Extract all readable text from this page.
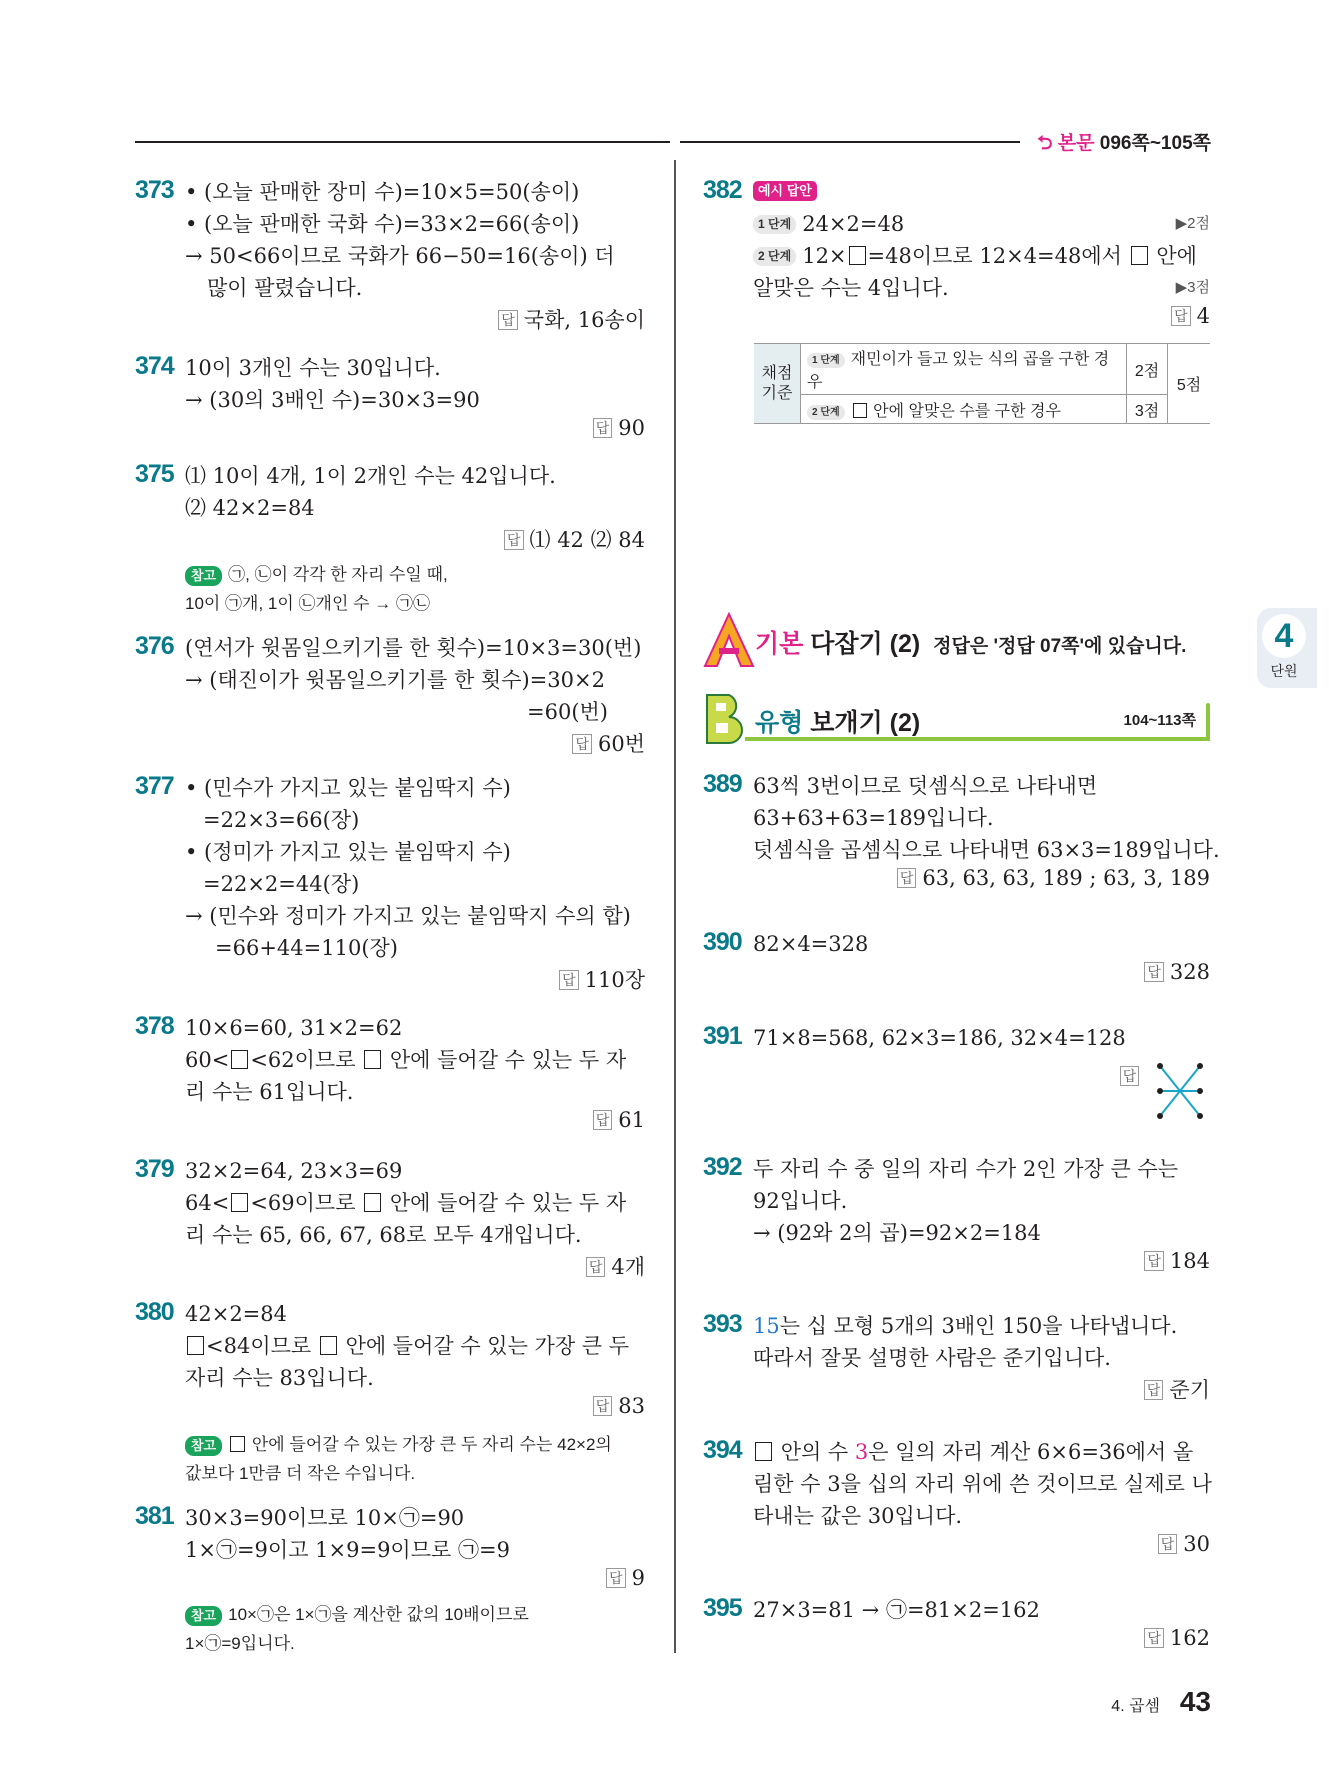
⮌ 본문 096쪽~105쪽
373 • (오늘 판매한 장미 수)=10×5=50(송이)
• (오늘 판매한 국화 수)=33×2=66(송이)
→ 50<66이므로 국화가 66−50=16(송이) 더
많이 팔렸습니다.
답 국화, 16송이
374 10이 3개인 수는 30입니다.
→ (30의 3배인 수)=30×3=90
답 90
375 ⑴ 10이 4개, 1이 2개인 수는 42입니다.
⑵ 42×2=84
답 ⑴ 42 ⑵ 84
참고 ㉠, ㉡이 각각 한 자리 수일 때,
10이 ㉠개, 1이 ㉡개인 수 → ㉠㉡
376 (연서가 윗몸일으키기를 한 횟수)=10×3=30(번)
→ (태진이가 윗몸일으키기를 한 횟수)=30×2
=60(번)
답 60번
377 • (민수가 가지고 있는 붙임딱지 수)
=22×3=66(장)
• (정미가 가지고 있는 붙임딱지 수)
=22×2=44(장)
→ (민수와 정미가 가지고 있는 붙임딱지 수의 합)
=66+44=110(장)
답 110장
378 10×6=60, 31×2=62
60< <62이므로 안에 들어갈 수 있는 두 자
리 수는 61입니다.
답 61
379 32×2=64, 23×3=69
64< <69이므로 안에 들어갈 수 있는 두 자
리 수는 65, 66, 67, 68로 모두 4개입니다.
답 4개
380 42×2=84
<84이므로 안에 들어갈 수 있는 가장 큰 두
자리 수는 83입니다.
답 83
참고 안에 들어갈 수 있는 가장 큰 두 자리 수는 42×2의
값보다 1만큼 더 작은 수입니다.
381 30×3=90이므로 10×㉠=90
1×㉠=9이고 1×9=9이므로 ㉠=9
답 9
참고 10×㉠은 1×㉠을 계산한 값의 10배이므로
1×㉠=9입니다.
382	예시 답안
1 단계 24×2=48	▶2점
2 단계 12× =48이므로 12×4=48에서 안에
알맞은 수는 4입니다.	▶3점
답 4
채점
기준	1 단계 재민이가 들고 있는 식의 곱을 구한 경우	2점	5점
	2 단계 안에 알맞은 수를 구한 경우	3점	
기본 다잡기 (2) 정답은 '정답 07쪽'에 있습니다.
유형 보개기 (2)	104~113쪽
389 63씩 3번이므로 덧셈식으로 나타내면
63+63+63=189입니다.
덧셈식을 곱셈식으로 나타내면 63×3=189입니다.
답 63, 63, 63, 189 ; 63, 3, 189
390 82×4=328
답 328
391 71×8=568, 62×3=186, 32×4=128
답
392 두 자리 수 중 일의 자리 수가 2인 가장 큰 수는
92입니다.
→ (92와 2의 곱)=92×2=184
답 184
393 15는 십 모형 5개의 3배인 150을 나타냅니다.
따라서 잘못 설명한 사람은 준기입니다.
답 준기
394	안의 수 3은 일의 자리 계산 6×6=36에서 올
림한 수 3을 십의 자리 위에 쓴 것이므로 실제로 나
타내는 값은 30입니다.
답 30
395 27×3=81 → ㉠=81×2=162
답 162
4
단원
4. 곱셈 43
